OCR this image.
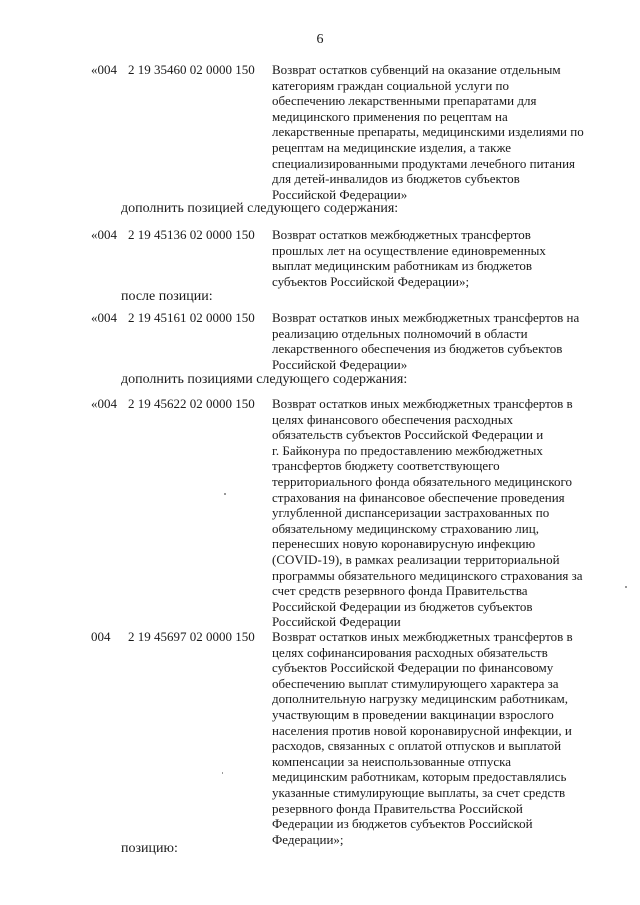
6
«004 2 19 35460 02 0000 150 Возврат остатков субвенций на оказание отдельным
категориям граждан социальной услуги по
обеспечению лекарственными препаратами для
медицинского применения по рецептам на
лекарственные препараты, медицинскими изделиями по
рецептам на медицинские изделия, а также
специализированными продуктами лечебного питания
для детей-инвалидов из бюджетов субъектов
Российской Федерации»
дополнить позицией следующего содержания:
«004 2 19 45136 02 0000 150 Возврат остатков межбюджетных трансфертов
прошлых лет на осуществление единовременных
выплат медицинским работникам из бюджетов
субъектов Российской Федерации»;
после позиции:
«004 2 19 45161 02 0000 150 Возврат остатков иных межбюджетных трансфертов на
реализацию отдельных полномочий в области
лекарственного обеспечения из бюджетов субъектов
Российской Федерации»
дополнить позициями следующего содержания:
«004 2 19 45622 02 0000 150 Возврат остатков иных межбюджетных трансфертов в
целях финансового обеспечения расходных
обязательств субъектов Российской Федерации и
г. Байконура по предоставлению межбюджетных
трансфертов бюджету соответствующего
территориального фонда обязательного медицинского
страхования на финансовое обеспечение проведения
углубленной диспансеризации застрахованных по
обязательному медицинскому страхованию лиц,
перенесших новую коронавирусную инфекцию
(COVID-19), в рамках реализации территориальной
программы обязательного медицинского страхования за
счет средств резервного фонда Правительства
Российской Федерации из бюджетов субъектов
Российской Федерации
004 2 19 45697 02 0000 150 Возврат остатков иных межбюджетных трансфертов в
целях софинансирования расходных обязательств
субъектов Российской Федерации по финансовому
обеспечению выплат стимулирующего характера за
дополнительную нагрузку медицинским работникам,
участвующим в проведении вакцинации взрослого
населения против новой коронавирусной инфекции, и
расходов, связанных с оплатой отпусков и выплатой
компенсации за неиспользованные отпуска
медицинским работникам, которым предоставлялись
указанные стимулирующие выплаты, за счет средств
резервного фонда Правительства Российской
Федерации из бюджетов субъектов Российской
Федерации»;
позицию:
